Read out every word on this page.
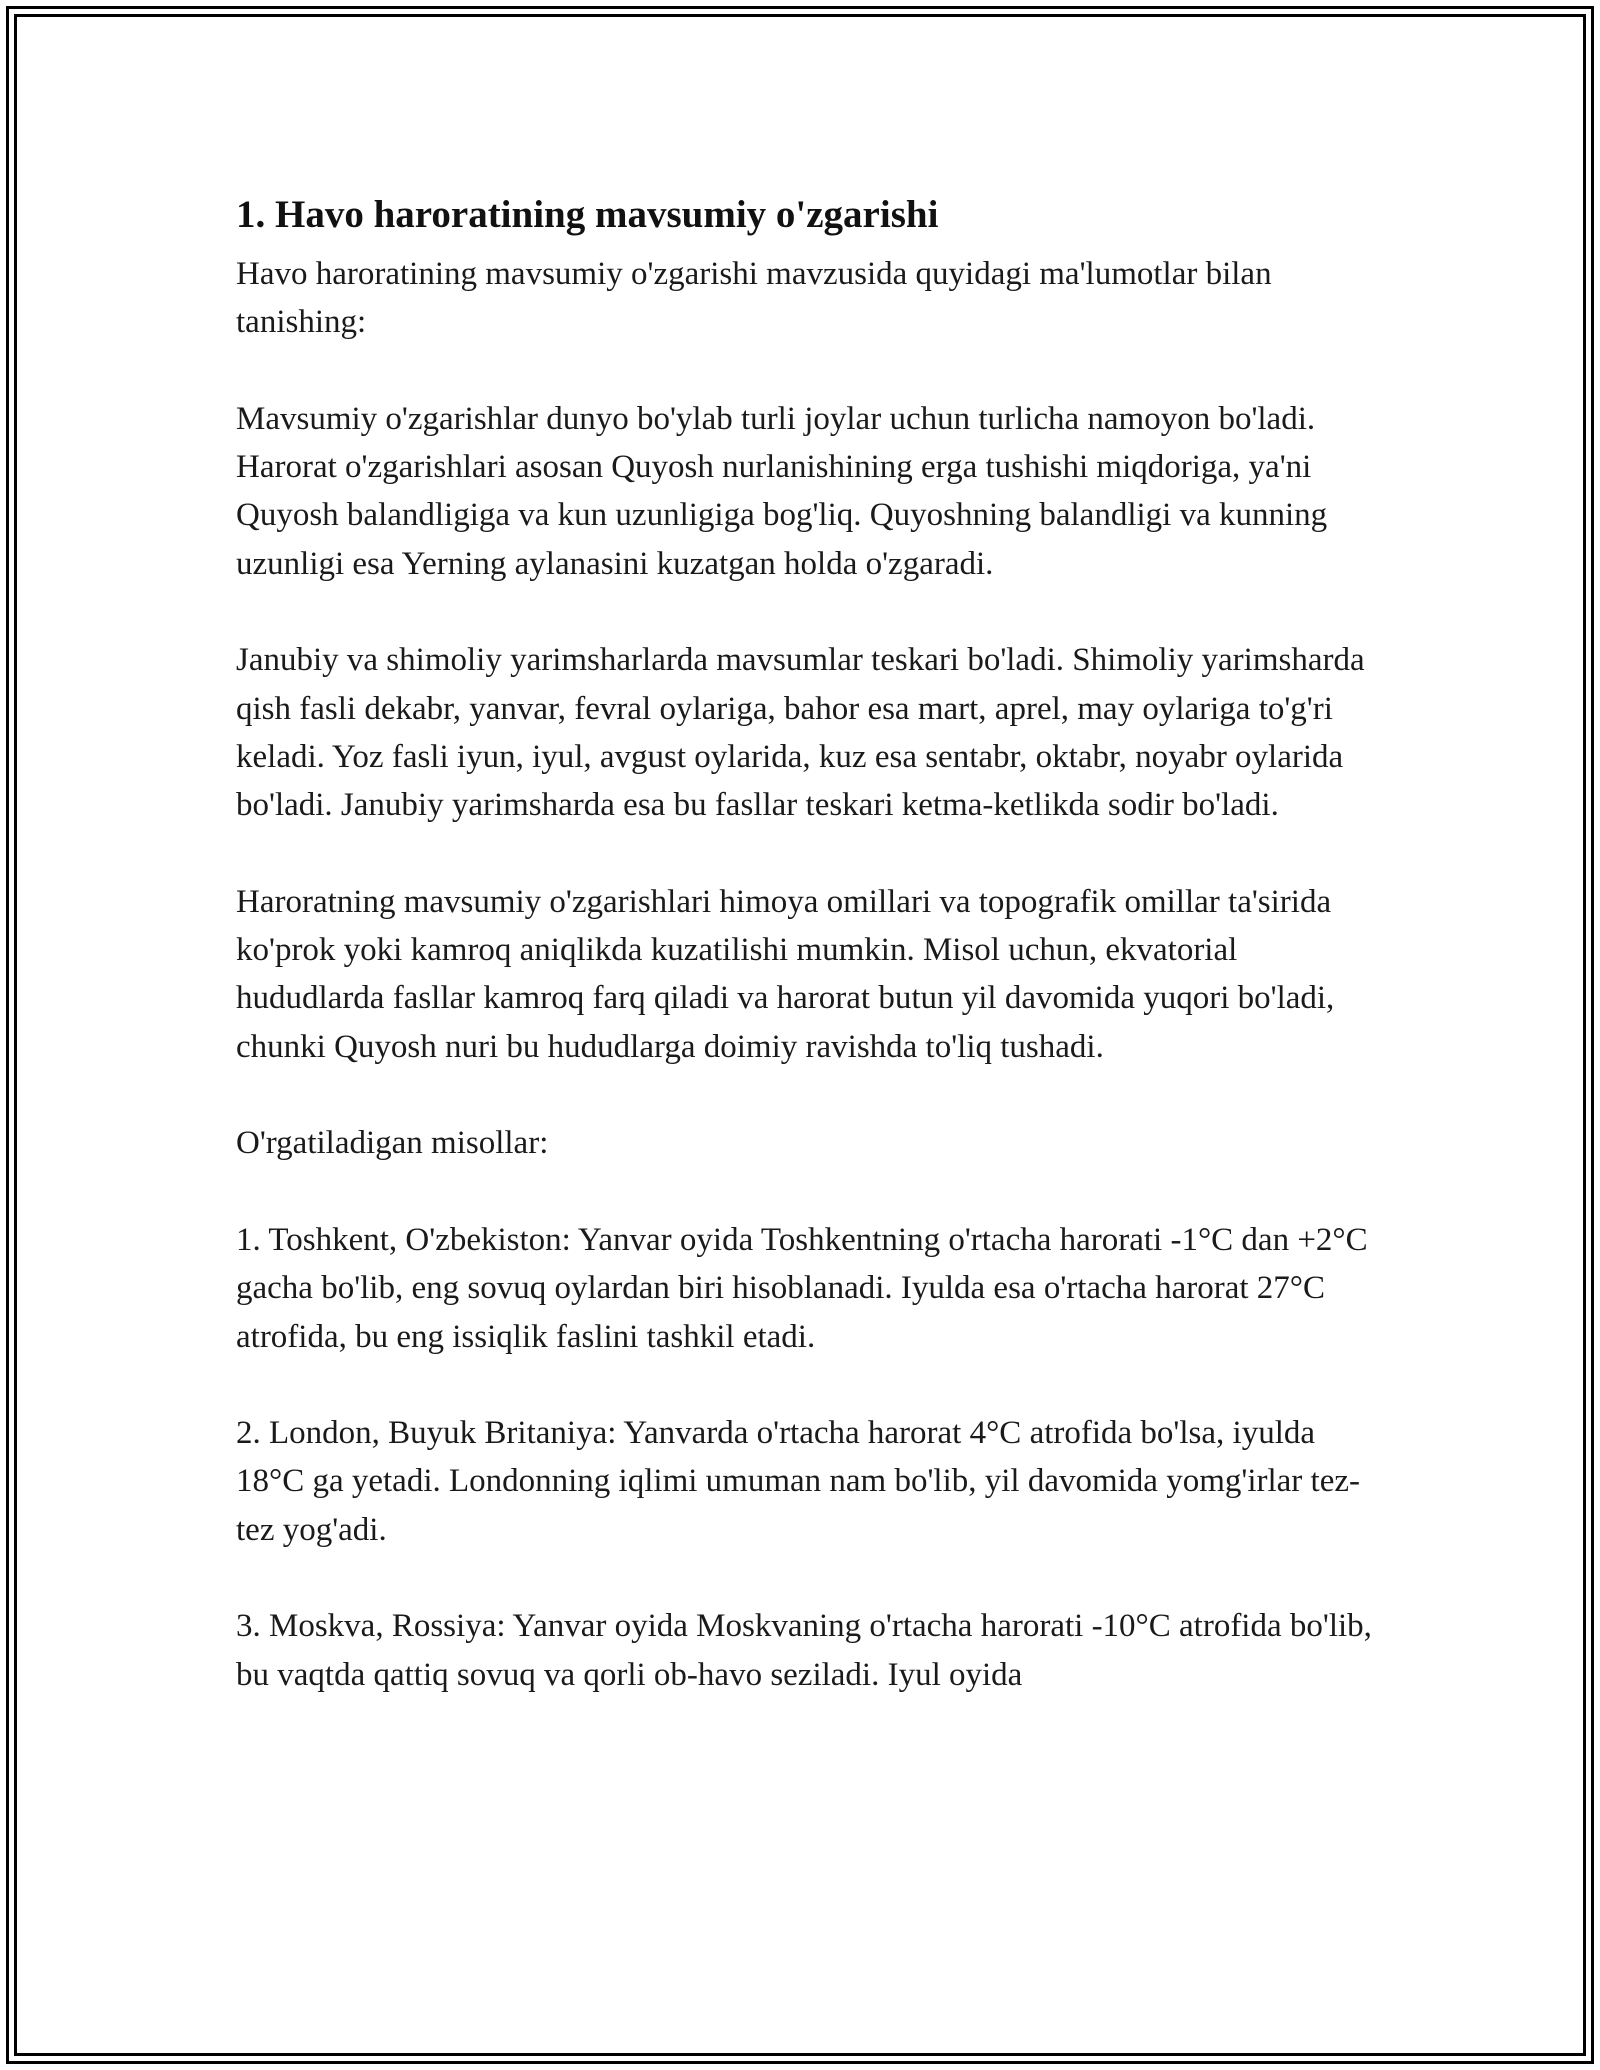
1. Havo haroratining mavsumiy o'zgarishi

Havo haroratining mavsumiy o'zgarishi mavzusida quyidagi ma'lumotlar bilan tanishing:

Mavsumiy o'zgarishlar dunyo bo'ylab turli joylar uchun turlicha namoyon bo'ladi. Harorat o'zgarishlari asosan Quyosh nurlanishining erga tushishi miqdoriga, ya'ni Quyosh balandligiga va kun uzunligiga bog'liq. Quyoshning balandligi va kunning uzunligi esa Yerning aylanasini kuzatgan holda o'zgaradi.

Janubiy va shimoliy yarimsharlarda mavsumlar teskari bo'ladi. Shimoliy yarimsharda qish fasli dekabr, yanvar, fevral oylariga, bahor esa mart, aprel, may oylariga to'g'ri keladi. Yoz fasli iyun, iyul, avgust oylarida, kuz esa sentabr, oktabr, noyabr oylarida bo'ladi. Janubiy yarimsharda esa bu fasllar teskari ketma-ketlikda sodir bo'ladi.

Haroratning mavsumiy o'zgarishlari himoya omillari va topografik omillar ta'sirida ko'prok yoki kamroq aniqlikda kuzatilishi mumkin. Misol uchun, ekvatorial hududlarda fasllar kamroq farq qiladi va harorat butun yil davomida yuqori bo'ladi, chunki Quyosh nuri bu hududlarga doimiy ravishda to'liq tushadi.

O'rgatiladigan misollar:

1. Toshkent, O'zbekiston: Yanvar oyida Toshkentning o'rtacha harorati -1°C dan +2°C gacha bo'lib, eng sovuq oylardan biri hisoblanadi. Iyulda esa o'rtacha harorat 27°C atrofida, bu eng issiqlik faslini tashkil etadi.

2. London, Buyuk Britaniya: Yanvarda o'rtacha harorat 4°C atrofida bo'lsa, iyulda 18°C ga yetadi. Londonning iqlimi umuman nam bo'lib, yil davomida yomg'irlar tez-tez yog'adi.

3. Moskva, Rossiya: Yanvar oyida Moskvaning o'rtacha harorati -10°C atrofida bo'lib, bu vaqtda qattiq sovuq va qorli ob-havo seziladi. Iyul oyida
